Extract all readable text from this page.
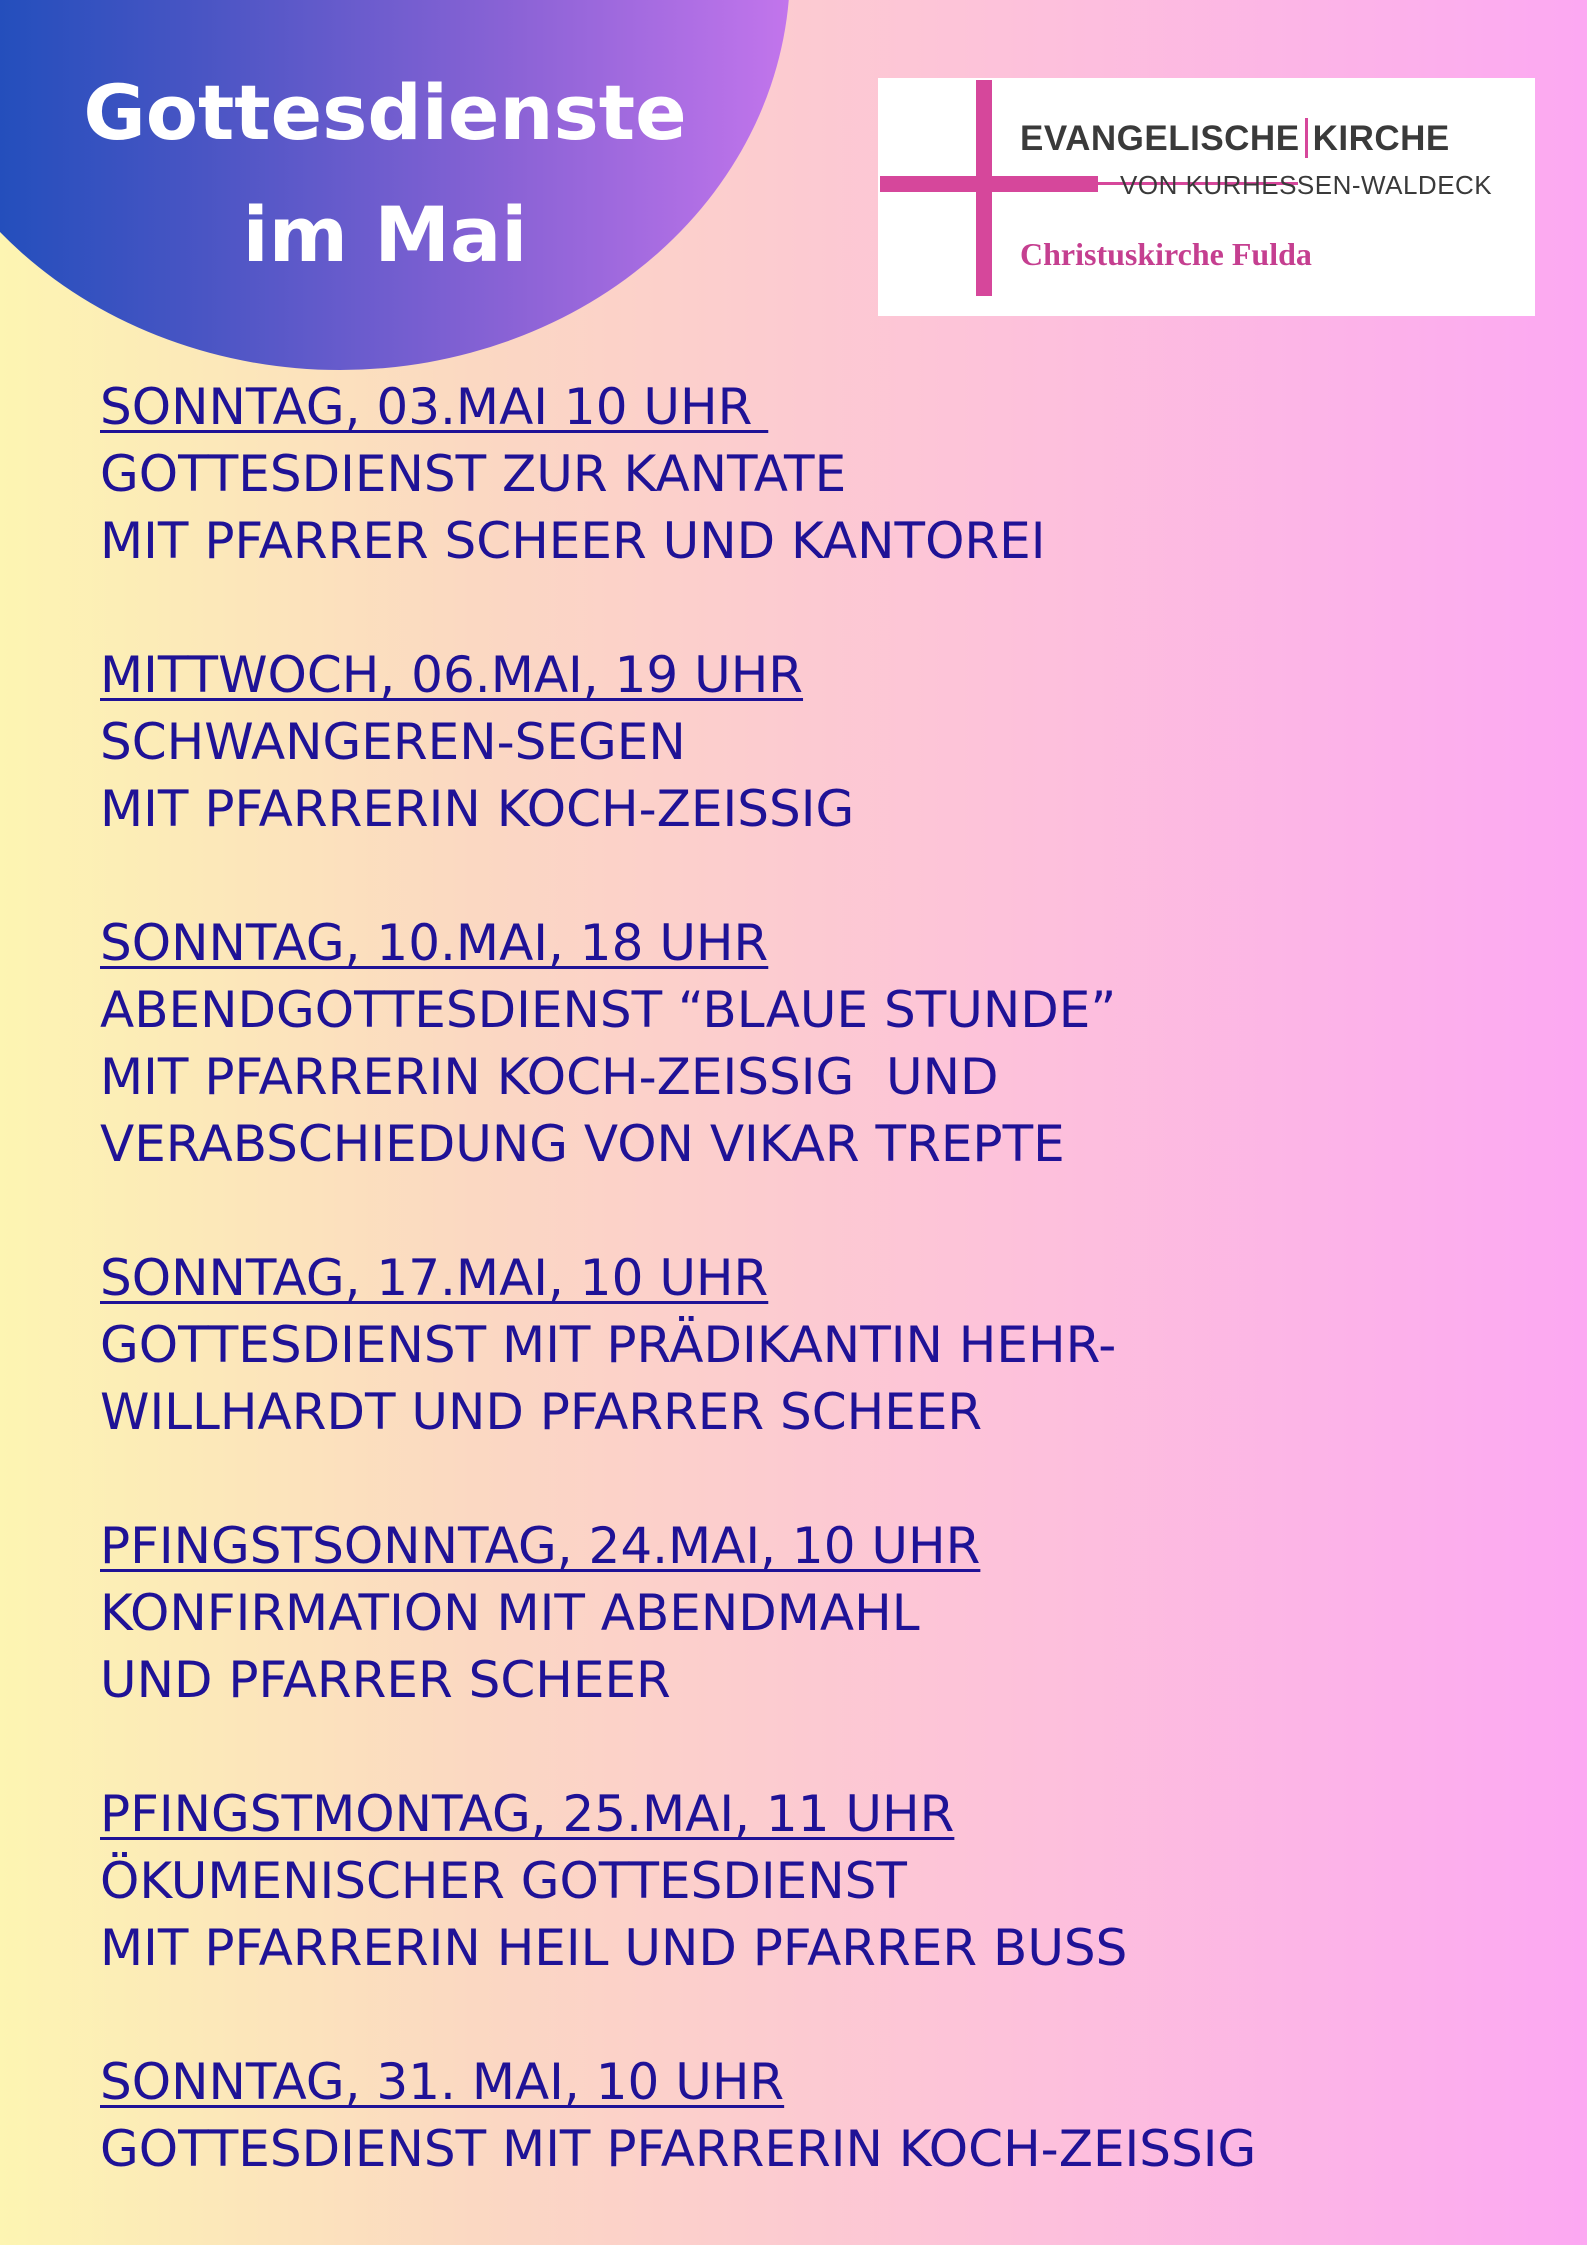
Gottesdienste
im Mai
EVANGELISCHE KIRCHE
VON KURHESSEN-WALDECK
Christuskirche Fulda
SONNTAG, 03.MAI 10 UHR
GOTTESDIENST ZUR KANTATE
MIT PFARRER SCHEER UND KANTOREI
MITTWOCH, 06.MAI, 19 UHR
SCHWANGEREN-SEGEN
MIT PFARRERIN KOCH-ZEISSIG
SONNTAG, 10.MAI, 18 UHR
ABENDGOTTESDIENST “BLAUE STUNDE”
MIT PFARRERIN KOCH-ZEISSIG  UND
VERABSCHIEDUNG VON VIKAR TREPTE
SONNTAG, 17.MAI, 10 UHR
GOTTESDIENST MIT PRÄDIKANTIN HEHR-
WILLHARDT UND PFARRER SCHEER
PFINGSTSONNTAG, 24.MAI, 10 UHR
KONFIRMATION MIT ABENDMAHL
UND PFARRER SCHEER
PFINGSTMONTAG, 25.MAI, 11 UHR
ÖKUMENISCHER GOTTESDIENST
MIT PFARRERIN HEIL UND PFARRER BUSS
SONNTAG, 31. MAI, 10 UHR
GOTTESDIENST MIT PFARRERIN KOCH-ZEISSIG
